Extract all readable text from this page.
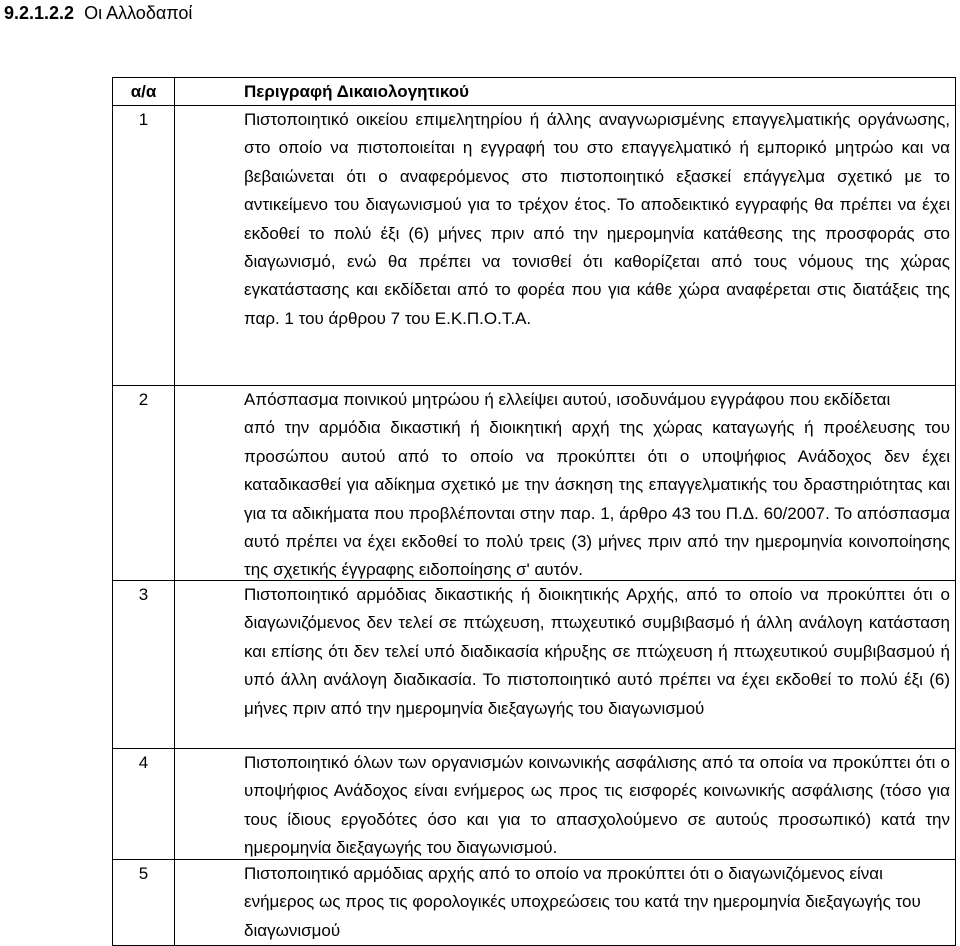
9.2.1.2.2 Οι Αλλοδαποί
α/α	Περιγραφή Δικαιολογητικού
1	Πιστοποιητικό οικείου επιμελητηρίου ή άλλης αναγνωρισμένης επαγγελματικής οργάνωσης, στο οποίο να πιστοποιείται η εγγραφή του στο επαγγελματικό ή εμπορικό μητρώο και να βεβαιώνεται ότι ο αναφερόμενος στο πιστοποιητικό εξασκεί επάγγελμα σχετικό με το αντικείμενο του διαγωνισμού για το τρέχον έτος. Το αποδεικτικό εγγραφής θα πρέπει να έχει εκδοθεί το πολύ έξι (6) μήνες πριν από την ημερομηνία κατάθεσης της προσφοράς στο διαγωνισμό, ενώ θα πρέπει να τονισθεί ότι καθορίζεται από τους νόμους της χώρας εγκατάστασης και εκδίδεται από το φορέα που για κάθε χώρα αναφέρεται στις διατάξεις της παρ. 1 του άρθρου 7 του Ε.Κ.Π.Ο.Τ.Α.

2	Απόσπασμα ποινικού μητρώου ή ελλείψει αυτού, ισοδυνάμου εγγράφου που εκδίδεται

από την αρμόδια δικαστική ή διοικητική αρχή της χώρας καταγωγής ή προέλευσης του προσώπου αυτού από το οποίο να προκύπτει ότι ο υποψήφιος Ανάδοχος δεν έχει καταδικασθεί για αδίκημα σχετικό με την άσκηση της επαγγελματικής του δραστηριότητας και για τα αδικήματα που προβλέπονται στην παρ. 1, άρθρο 43 του Π.Δ. 60/2007. Το απόσπασμα αυτό πρέπει να έχει εκδοθεί το πολύ τρεις (3) μήνες πριν από την ημερομηνία κοινοποίησης της σχετικής έγγραφης ειδοποίησης σ' αυτόν.

3	Πιστοποιητικό αρμόδιας δικαστικής ή διοικητικής Αρχής, από το οποίο να προκύπτει ότι ο διαγωνιζόμενος δεν τελεί σε πτώχευση, πτωχευτικό συμβιβασμό ή άλλη ανάλογη κατάσταση και επίσης ότι δεν τελεί υπό διαδικασία κήρυξης σε πτώχευση ή πτωχευτικού συμβιβασμού ή υπό άλλη ανάλογη διαδικασία. Το πιστοποιητικό αυτό πρέπει να έχει εκδοθεί το πολύ έξι (6) μήνες πριν από την ημερομηνία διεξαγωγής του διαγωνισμού

4	Πιστοποιητικό όλων των οργανισμών κοινωνικής ασφάλισης από τα οποία να προκύπτει ότι ο υποψήφιος Ανάδοχος είναι ενήμερος ως προς τις εισφορές κοινωνικής ασφάλισης (τόσο για τους ίδιους εργοδότες όσο και για το απασχολούμενο σε αυτούς προσωπικό) κατά την ημερομηνία διεξαγωγής του διαγωνισμού.

5	Πιστοποιητικό αρμόδιας αρχής από το οποίο να προκύπτει ότι ο διαγωνιζόμενος είναι ενήμερος ως προς τις φορολογικές υποχρεώσεις του κατά την ημερομηνία διεξαγωγής του διαγωνισμού
